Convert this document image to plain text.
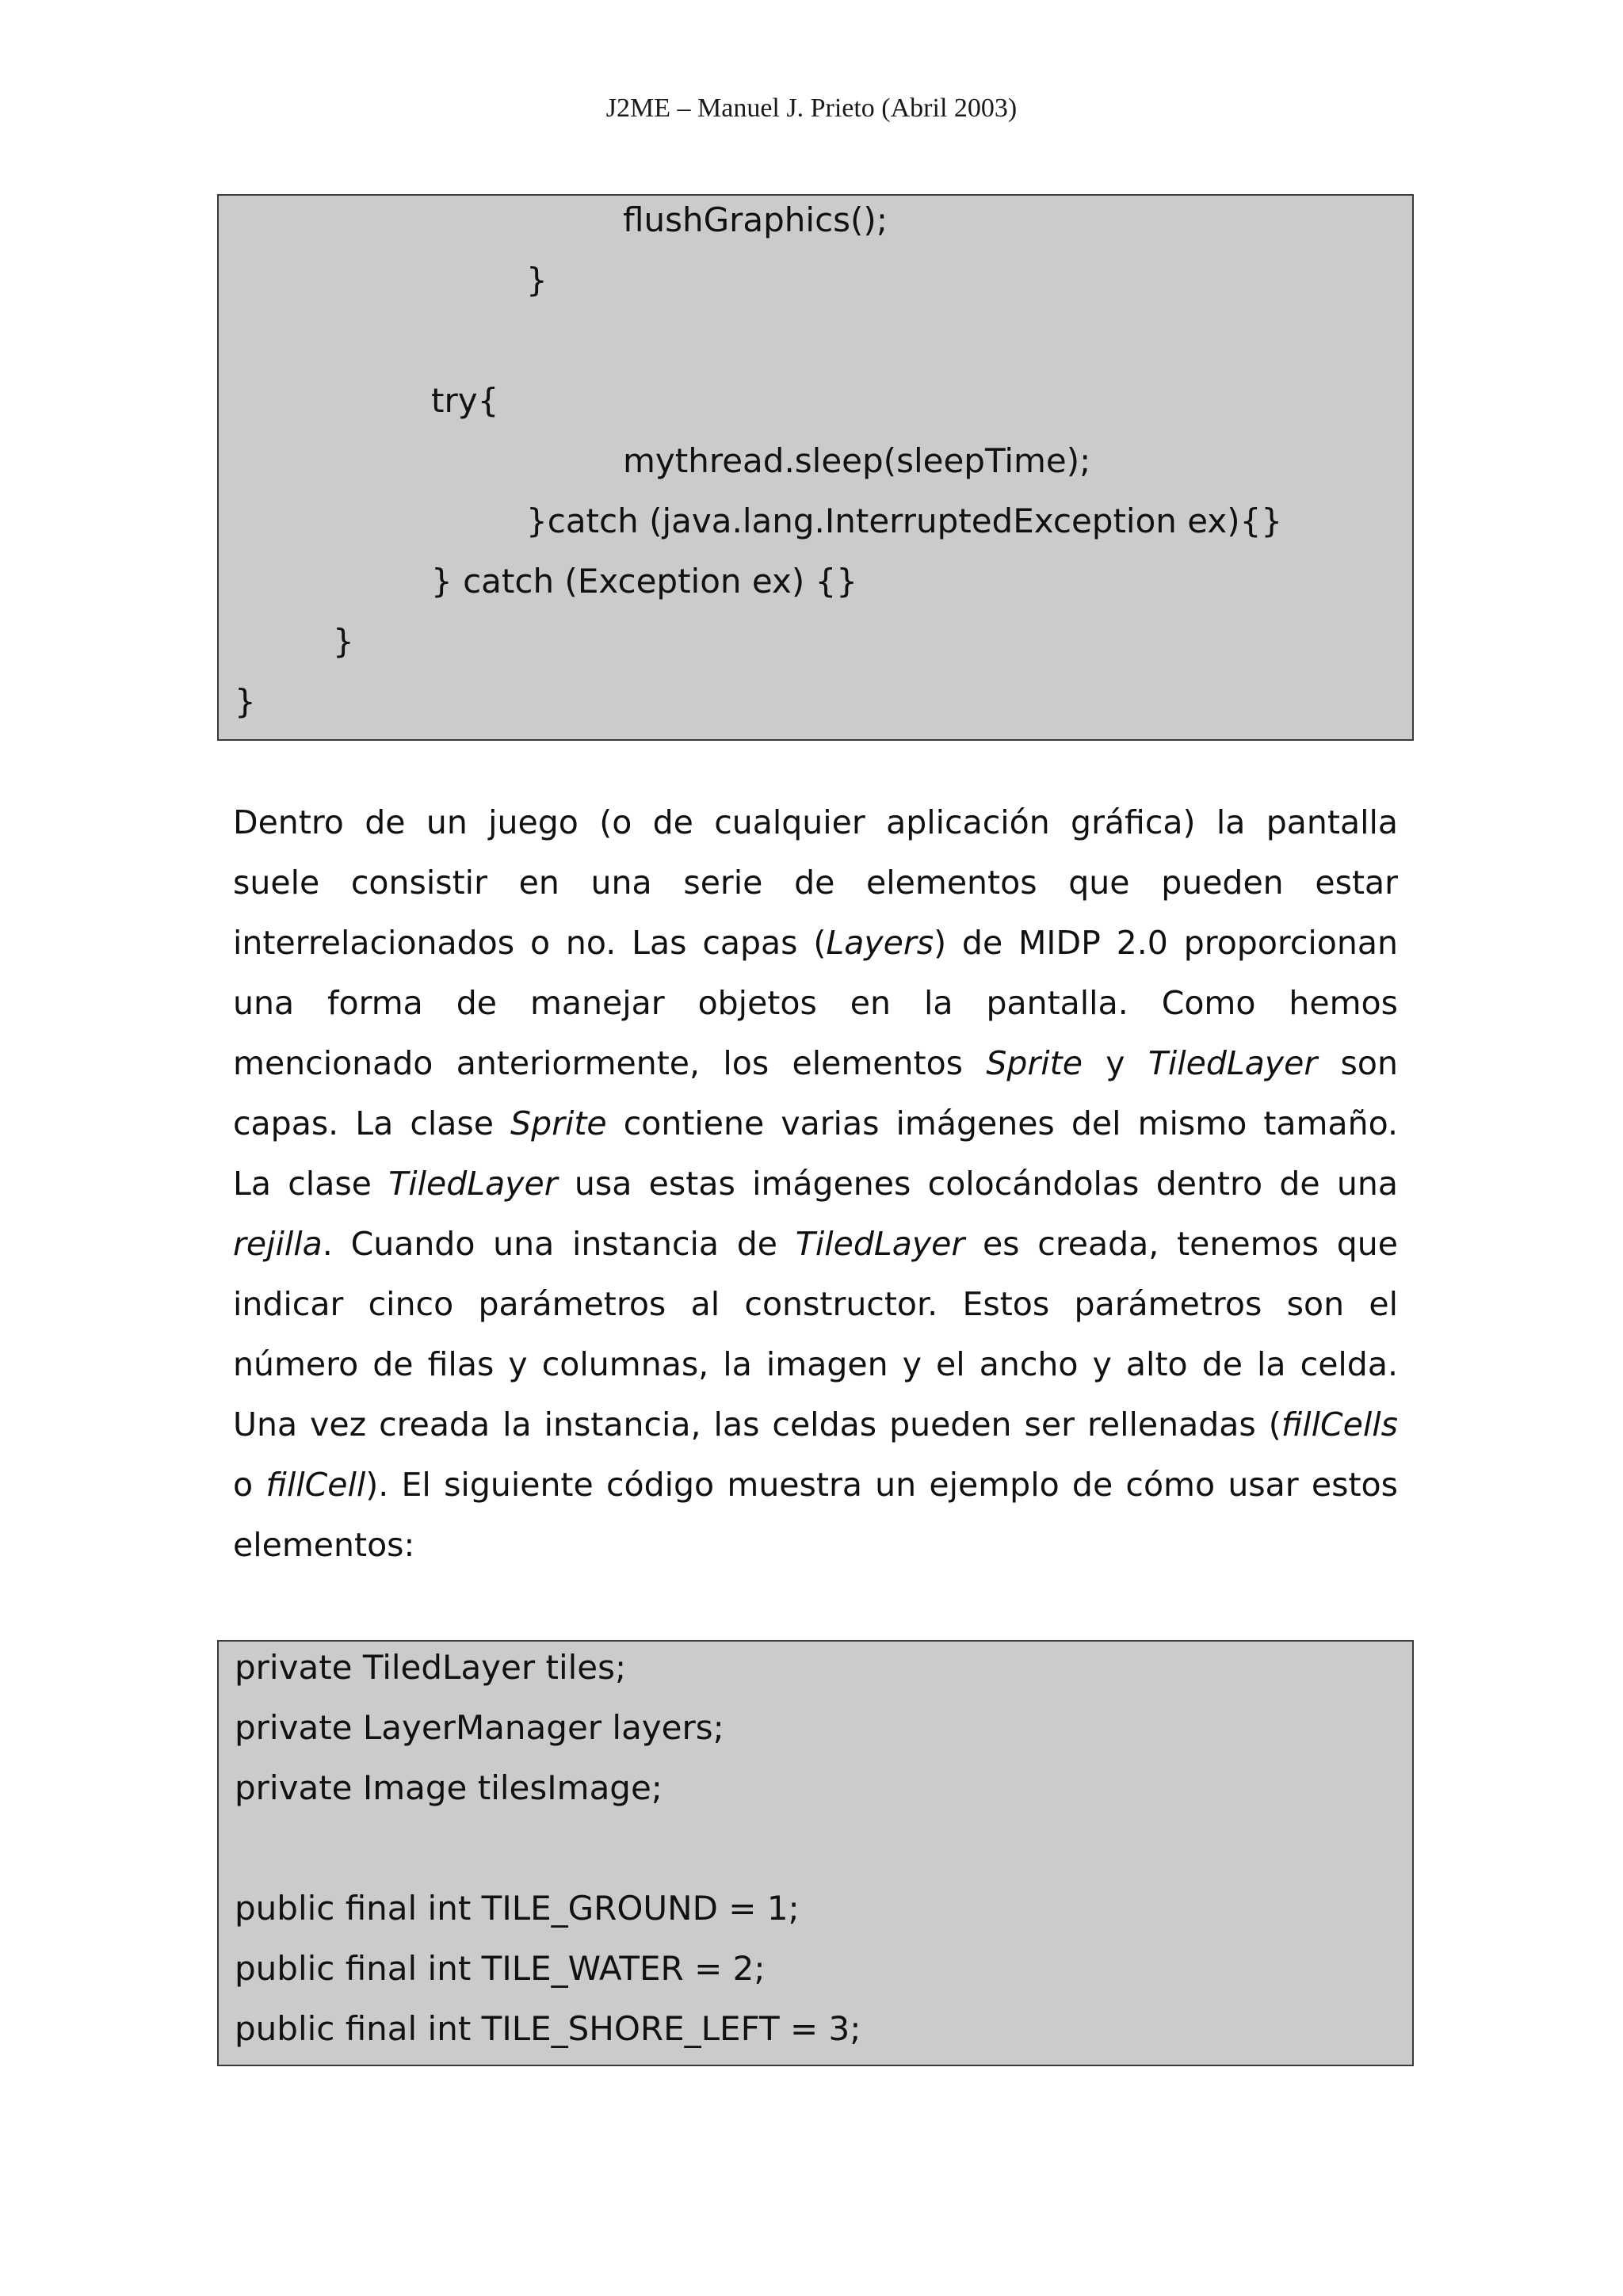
J2ME – Manuel J. Prieto (Abril 2003)
flushGraphics();
}
try{
mythread.sleep(sleepTime);
}catch (java.lang.InterruptedException ex){}
} catch (Exception ex) {}
}
}
Dentro de un juego (o de cualquier aplicación gráfica) la pantalla
suele consistir en una serie de elementos que pueden estar
interrelacionados o no. Las capas (Layers) de MIDP 2.0 proporcionan
una forma de manejar objetos en la pantalla. Como hemos
mencionado anteriormente, los elementos Sprite y TiledLayer son
capas. La clase Sprite contiene varias imágenes del mismo tamaño.
La clase TiledLayer usa estas imágenes colocándolas dentro de una
rejilla. Cuando una instancia de TiledLayer es creada, tenemos que
indicar cinco parámetros al constructor. Estos parámetros son el
número de filas y columnas, la imagen y el ancho y alto de la celda.
Una vez creada la instancia, las celdas pueden ser rellenadas (fillCells
o fillCell). El siguiente código muestra un ejemplo de cómo usar estos
elementos:
private TiledLayer tiles;
private LayerManager layers;
private Image tilesImage;
public final int TILE_GROUND = 1;
public final int TILE_WATER = 2;
public final int TILE_SHORE_LEFT = 3;
